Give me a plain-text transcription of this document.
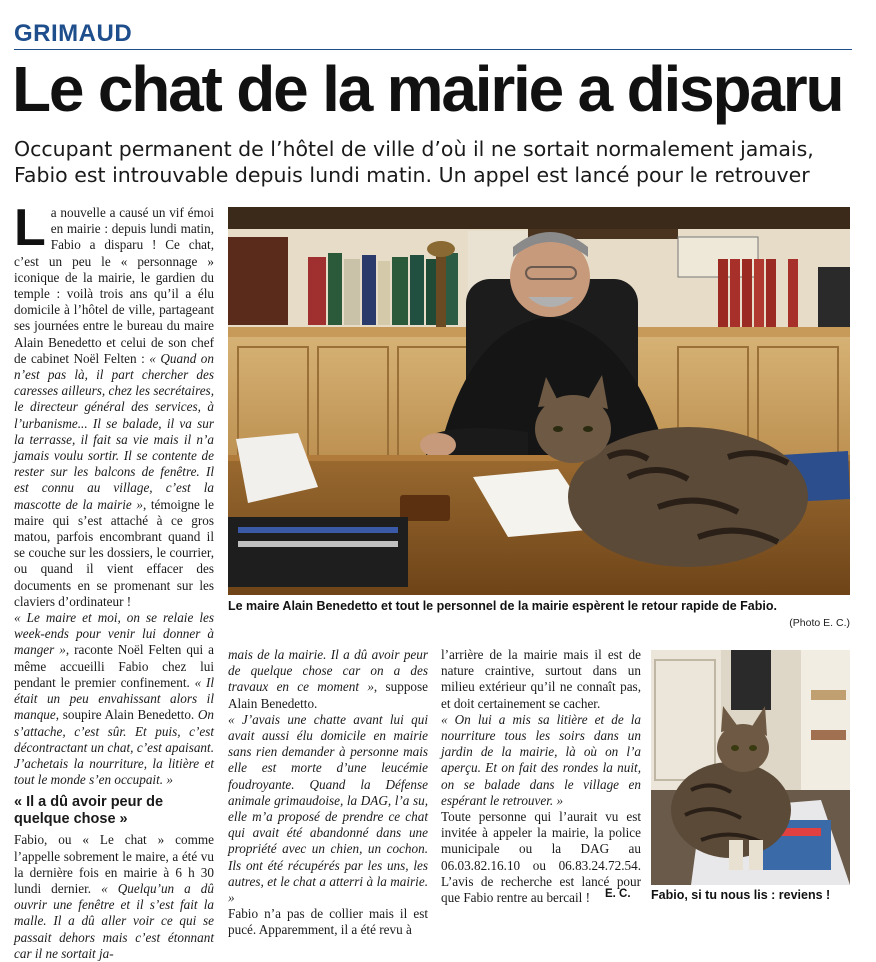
GRIMAUD
Le chat de la mairie a disparu
Occupant permanent de l’hôtel de ville d’où il ne sortait normalement jamais,
Fabio est introuvable depuis lundi matin. Un appel est lancé pour le retrouver

La nouvelle a causé un vif émoi en mairie : depuis lundi matin, Fabio a disparu ! Ce chat, c’est un peu le « personnage » iconique de la mairie, le gardien du temple : voilà trois ans qu’il a élu domicile à l’hôtel de ville, partageant ses journées entre le bureau du maire Alain Benedetto et celui de son chef de cabinet Noël Felten : « Quand on n’est pas là, il part chercher des caresses ailleurs, chez les secrétaires, le directeur général des services, à l’urbanisme... Il se balade, il va sur la terrasse, il fait sa vie mais il n’a jamais voulu sortir. Il se contente de rester sur les balcons de fenêtre. Il est connu au village, c’est la mascotte de la mairie », témoigne le maire qui s’est attaché à ce gros matou, parfois encombrant quand il se couche sur les dossiers, le courrier, ou quand il vient effacer des documents en se promenant sur les claviers d’ordinateur !

« Le maire et moi, on se relaie les week-ends pour venir lui donner à manger », raconte Noël Felten qui a même accueilli Fabio chez lui pendant le premier confinement. « Il était un peu envahissant alors il manque, soupire Alain Benedetto. On s’attache, c’est sûr. Et puis, c’est décontractant un chat, c’est apaisant. J’achetais la nourriture, la litière et tout le monde s’en occupait. »

« Il a dû avoir peur de quelque chose »

Fabio, ou « Le chat » comme l’appelle sobrement le maire, a été vu la dernière fois en mairie à 6 h 30 lundi dernier. « Quelqu’un a dû ouvrir une fenêtre et il s’est fait la malle. Il a dû aller voir ce qui se passait dehors mais c’est étonnant car il ne sortait ja-

mais de la mairie. Il a dû avoir peur de quelque chose car on a des travaux en ce moment », suppose Alain Benedetto.

« J’avais une chatte avant lui qui avait aussi élu domicile en mairie sans rien demander à personne mais elle est morte d’une leucémie foudroyante. Quand la Défense animale grimaudoise, la DAG, l’a su, elle m’a proposé de prendre ce chat qui avait été abandonné dans une propriété avec un chien, un cochon. Ils ont été récupérés par les uns, les autres, et le chat a atterri à la mairie. »

Fabio n’a pas de collier mais il est pucé. Apparemment, il a été revu à

l’arrière de la mairie mais il est de nature craintive, surtout dans un milieu extérieur qu’il ne connaît pas, et doit certainement se cacher.

« On lui a mis sa litière et de la nourriture tous les soirs dans un jardin de la mairie, là où on l’a aperçu. Et on fait des rondes la nuit, on se balade dans le village en espérant le retrouver. »

Toute personne qui l’aurait vu est invitée à appeler la mairie, la police municipale ou la DAG au 06.03.82.16.10 ou 06.83.24.72.54. L’avis de recherche est lancé pour que Fabio rentre au bercail !	E. C.
Le maire Alain Benedetto et tout le personnel de la mairie espèrent le retour rapide de Fabio.
(Photo E. C.)
Fabio, si tu nous lis : reviens !
